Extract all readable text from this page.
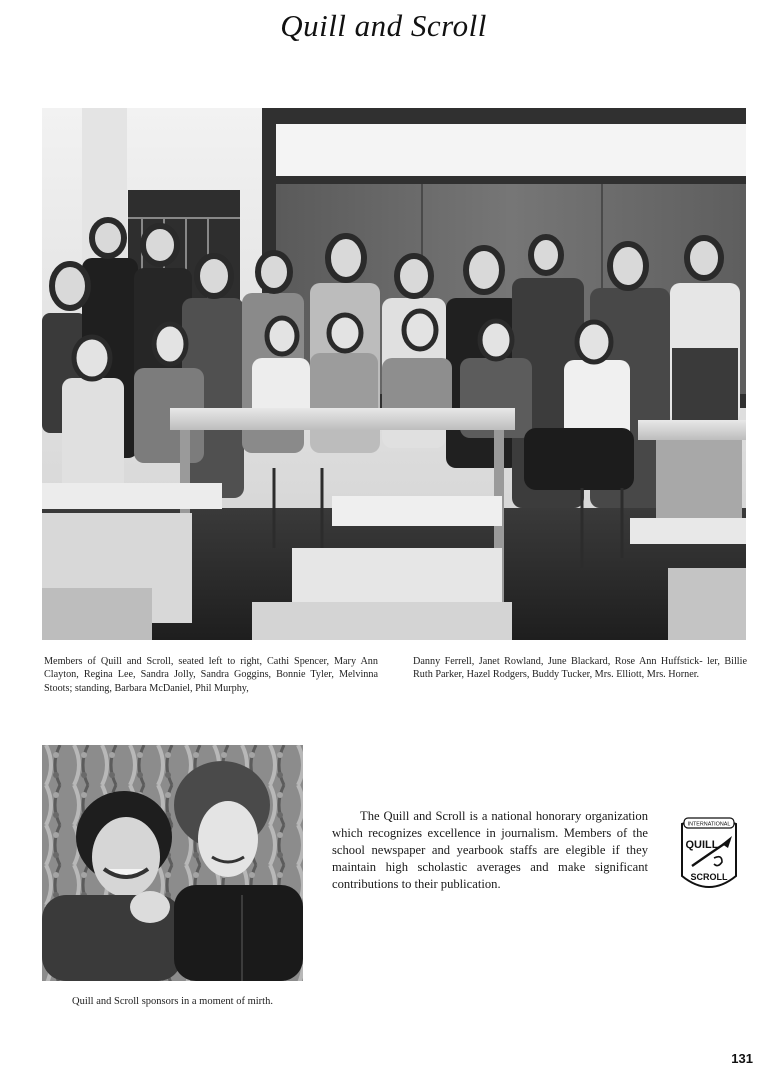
Quill and Scroll
Members of Quill and Scroll, seated left to right, Cathi Spencer, Mary Ann Clayton, Regina Lee, Sandra Jolly, Sandra Goggins, Bonnie Tyler, Melvinna Stoots; standing, Barbara McDaniel, Phil Murphy,
Danny Ferrell, Janet Rowland, June Blackard, Rose Ann Huffstick- ler, Billie Ruth Parker, Hazel Rodgers, Buddy Tucker, Mrs. Elliott, Mrs. Horner.
Quill and Scroll sponsors in a moment of mirth.
The Quill and Scroll is a national honorary organization which recognizes excellence in journalism. Members of the school newspaper and yearbook staffs are elegible if they maintain high scholastic averages and make significant contributions to their publication.
INTERNATIONAL
QUILL
SCROLL
131
